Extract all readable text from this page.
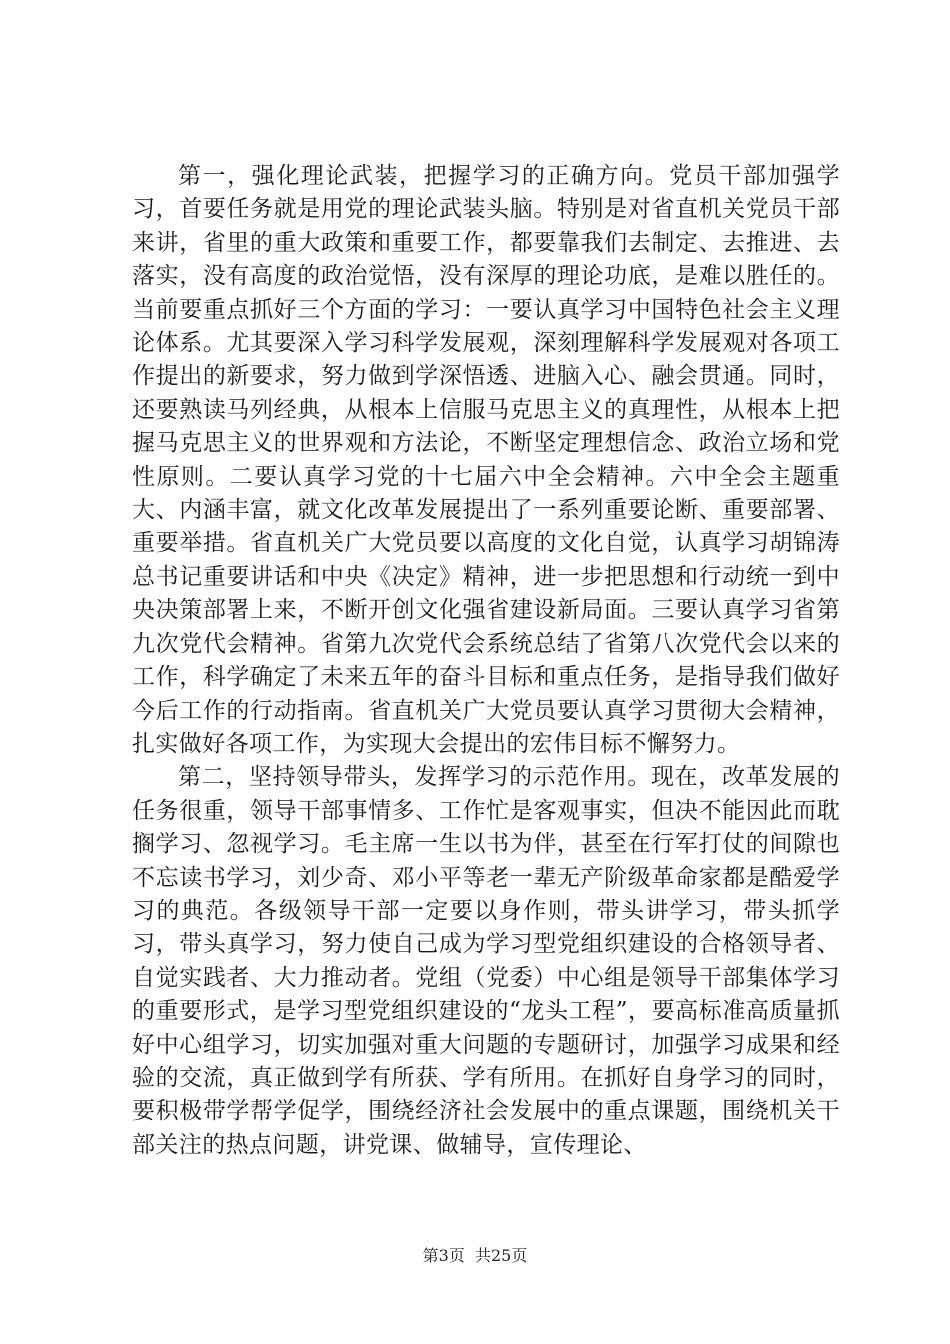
第一，强化理论武装，把握学习的正确方向。党员干部加强学习，首要任务就是用党的理论武装头脑。特别是对省直机关党员干部来讲，省里的重大政策和重要工作，都要靠我们去制定、去推进、去落实，没有高度的政治觉悟，没有深厚的理论功底，是难以胜任的。当前要重点抓好三个方面的学习：一要认真学习中国特色社会主义理论体系。尤其要深入学习科学发展观，深刻理解科学发展观对各项工作提出的新要求，努力做到学深悟透、进脑入心、融会贯通。同时，还要熟读马列经典，从根本上信服马克思主义的真理性，从根本上把握马克思主义的世界观和方法论，不断坚定理想信念、政治立场和党性原则。二要认真学习党的十七届六中全会精神。六中全会主题重大、内涵丰富，就文化改革发展提出了一系列重要论断、重要部署、重要举措。省直机关广大党员要以高度的文化自觉，认真学习胡锦涛总书记重要讲话和中央《决定》精神，进一步把思想和行动统一到中央决策部署上来，不断开创文化强省建设新局面。三要认真学习省第九次党代会精神。省第九次党代会系统总结了省第八次党代会以来的工作，科学确定了未来五年的奋斗目标和重点任务，是指导我们做好今后工作的行动指南。省直机关广大党员要认真学习贯彻大会精神，扎实做好各项工作，为实现大会提出的宏伟目标不懈努力。

第二，坚持领导带头，发挥学习的示范作用。现在，改革发展的任务很重，领导干部事情多、工作忙是客观事实，但决不能因此而耽搁学习、忽视学习。毛主席一生以书为伴，甚至在行军打仗的间隙也不忘读书学习，刘少奇、邓小平等老一辈无产阶级革命家都是酷爱学习的典范。各级领导干部一定要以身作则，带头讲学习，带头抓学习，带头真学习，努力使自己成为学习型党组织建设的合格领导者、自觉实践者、大力推动者。党组（党委）中心组是领导干部集体学习的重要形式，是学习型党组织建设的“龙头工程”，要高标准高质量抓好中心组学习，切实加强对重大问题的专题研讨，加强学习成果和经验的交流，真正做到学有所获、学有所用。在抓好自身学习的同时，要积极带学帮学促学，围绕经济社会发展中的重点课题，围绕机关干部关注的热点问题，讲党课、做辅导，宣传理论、

第3页  共25页
